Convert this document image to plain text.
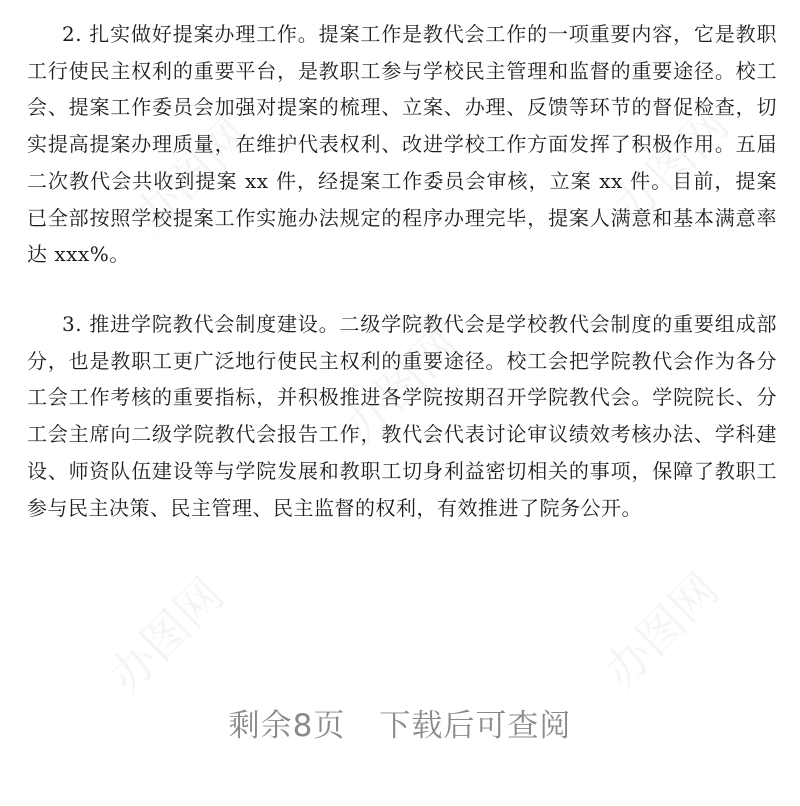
2. 扎实做好提案办理工作。提案工作是教代会工作的一项重要内容，它是教职工行使民主权利的重要平台，是教职工参与学校民主管理和监督的重要途径。校工会、提案工作委员会加强对提案的梳理、立案、办理、反馈等环节的督促检查，切实提高提案办理质量，在维护代表权利、改进学校工作方面发挥了积极作用。五届二次教代会共收到提案 xx 件，经提案工作委员会审核，立案 xx 件。目前，提案已全部按照学校提案工作实施办法规定的程序办理完毕，提案人满意和基本满意率达 xxx%。

3. 推进学院教代会制度建设。二级学院教代会是学校教代会制度的重要组成部分，也是教职工更广泛地行使民主权利的重要途径。校工会把学院教代会作为各分工会工作考核的重要指标，并积极推进各学院按期召开学院教代会。学院院长、分工会主席向二级学院教代会报告工作，教代会代表讨论审议绩效考核办法、学科建设、师资队伍建设等与学院发展和教职工切身利益密切相关的事项，保障了教职工参与民主决策、民主管理、民主监督的权利，有效推进了院务公开。

剩余8页 下载后可查阅
